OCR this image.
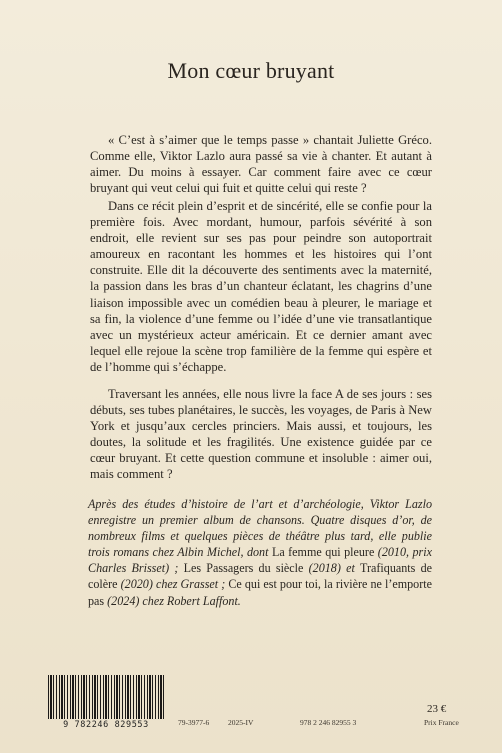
Mon cœur bruyant

« C’est à s’aimer que le temps passe » chantait Juliette Gréco. Comme elle, Viktor Lazlo aura passé sa vie à chanter. Et autant à aimer. Du moins à essayer. Car comment faire avec ce cœur bruyant qui veut celui qui fuit et quitte celui qui reste ?

Dans ce récit plein d’esprit et de sincérité, elle se confie pour la première fois. Avec mordant, humour, parfois sévérité à son endroit, elle revient sur ses pas pour peindre son autoportrait amoureux en racontant les hommes et les histoires qui l’ont construite. Elle dit la découverte des sentiments avec la maternité, la passion dans les bras d’un chanteur éclatant, les chagrins d’une liaison impossible avec un comédien beau à pleurer, le mariage et sa fin, la violence d’une femme ou l’idée d’une vie transatlantique avec un mystérieux acteur américain. Et ce dernier amant avec lequel elle rejoue la scène trop familière de la femme qui espère et de l’homme qui s’échappe.

Traversant les années, elle nous livre la face A de ses jours : ses débuts, ses tubes planétaires, le succès, les voyages, de Paris à New York et jusqu’aux cercles princiers. Mais aussi, et toujours, les doutes, la solitude et les fragilités. Une existence guidée par ce cœur bruyant. Et cette question commune et insoluble : aimer oui, mais comment ?

Après des études d’histoire de l’art et d’archéologie, Viktor Lazlo enregistre un premier album de chansons. Quatre disques d’or, de nombreux films et quelques pièces de théâtre plus tard, elle publie trois romans chez Albin Michel, dont La femme qui pleure (2010, prix Charles Brisset) ; Les Passagers du siècle (2018) et Trafiquants de colère (2020) chez Grasset ; Ce qui est pour toi, la rivière ne l’emporte pas (2024) chez Robert Laffont.
9 782246 829553	79-3977-6	2025-IV	978 2 246 82955 3
23 €
Prix France
